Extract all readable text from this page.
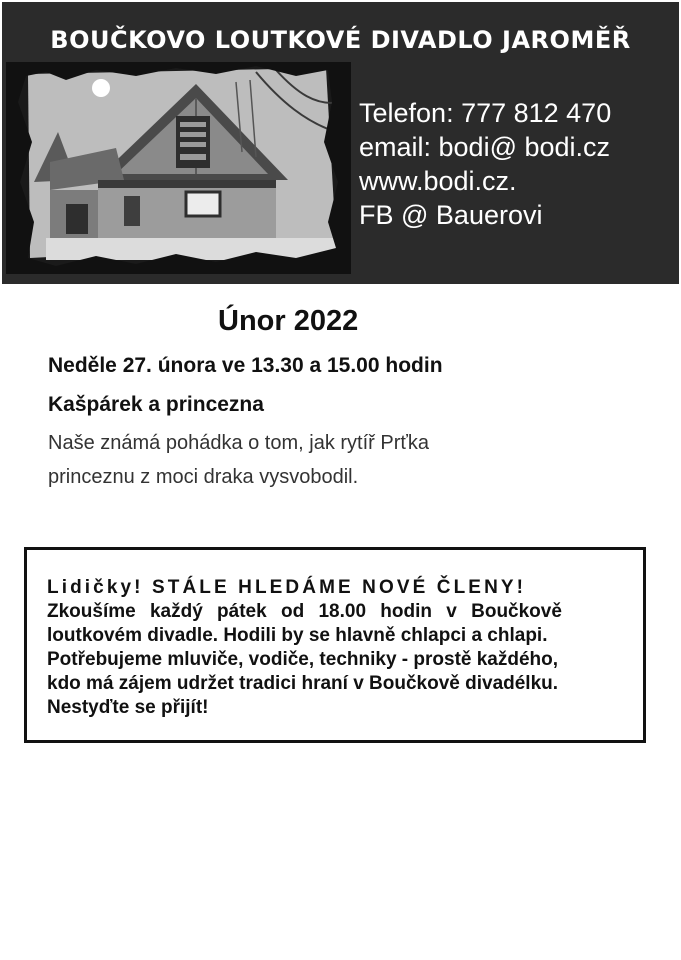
BOUČKOVO LOUTKOVÉ DIVADLO JAROMĚŘ
Telefon: 777 812 470
email: bodi@ bodi.cz
www.bodi.cz.
FB @ Bauerovi
Únor 2022
Neděle 27. února ve 13.30 a 15.00 hodin
Kašpárek a princezna
Naše známá pohádka o tom, jak rytíř Prťka
princeznu z moci draka vysvobodil.
Lidičky! STÁLE HLEDÁME NOVÉ ČLENY!
Zkoušíme každý pátek od 18.00 hodin v Boučkově
loutkovém divadle. Hodili by se hlavně chlapci a chlapi.
Potřebujeme mluviče, vodiče, techniky - prostě každého,
kdo má zájem udržet tradici hraní v Boučkově divadélku.
Nestyďte se přijít!
